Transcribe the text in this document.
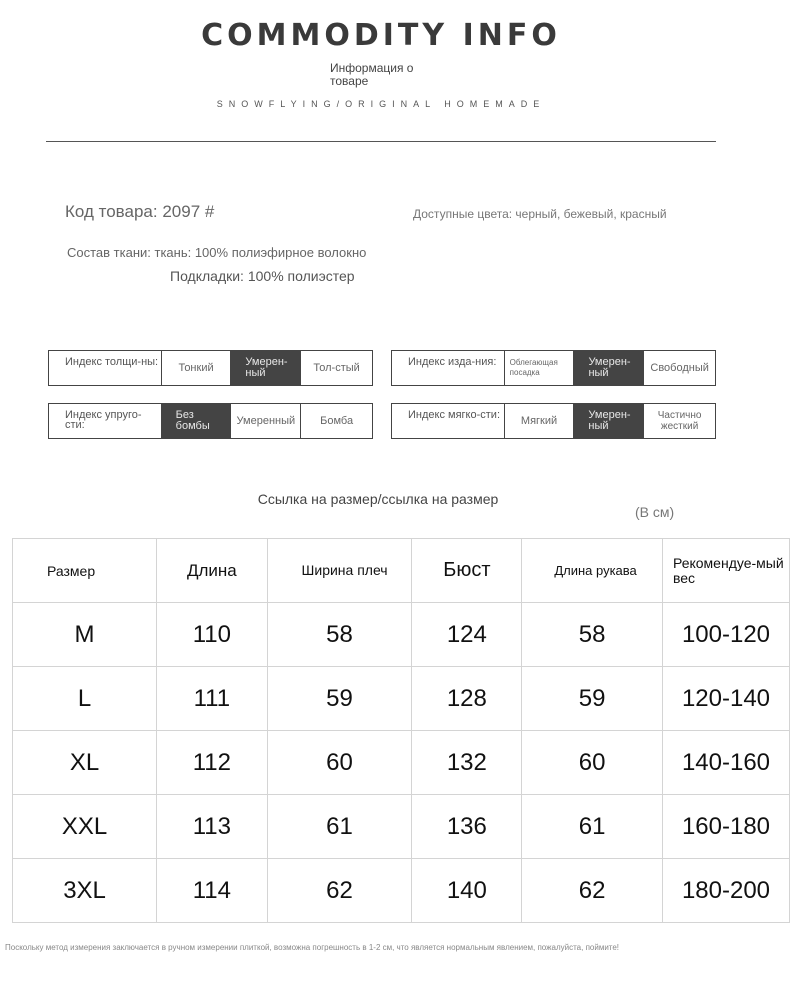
COMMODITY INFO
Информация о товаре
SNOWFLYING/ORIGINAL HOMEMADE
Код товара: 2097 #	Доступные цвета: черный, бежевый, красный
Состав ткани: ткань: 100% полиэфирное волокно
Подкладки: 100% полиэстер
Индекс толщи-ны:	Тонкий	Умерен-ный	Тол-стый	Индекс изда-ния:	Облегающая посадка
Умерен-ный	Свободный
Индекс упруго-сти:
Без бомбы	Умеренный	Бомба	Индекс мягко-сти:	Мягкий	Умерен-ный
Частично жесткий
Ссылка на размер/ссылка на размер
(В см)
Размер	Длина	Ширина плеч	Бюст	Длина рукава	Рекомендуе-мый вес
M	110	58	124	58	100-120
L	111	59	128	59	120-140
XL	112	60	132	60	140-160
XXL	113	61	136	61	160-180
3XL	114	62	140	62	180-200
Поскольку метод измерения заключается в ручном измерении плиткой, возможна погрешность в 1-2 см, что является нормальным явлением, пожалуйста, поймите!
